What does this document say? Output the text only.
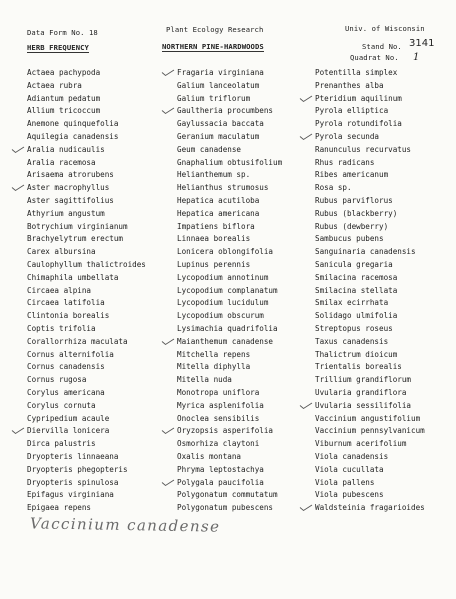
Data Form No. 18	Plant Ecology Research	Univ. of Wisconsin
HERB FREQUENCY	NORTHERN PINE-HARDWOODS	Stand No. 3141
Quadrat No. 1
Actaea pachypoda
Actaea rubra
Adiantum pedatum
Allium tricoccum
Anemone quinquefolia
Aquilegia canadensis
Aralia nudicaulis
Aralia racemosa
Arisaema atrorubens
Aster macrophyllus
Aster sagittifolius
Athyrium angustum
Botrychium virginianum
Brachyelytrum erectum
Carex albursina
Caulophyllum thalictroides
Chimaphila umbellata
Circaea alpina
Circaea latifolia
Clintonia borealis
Coptis trifolia
Corallorrhiza maculata
Cornus alternifolia
Cornus canadensis
Cornus rugosa
Corylus americana
Corylus cornuta
Cypripedium acaule
Diervilla lonicera
Dirca palustris
Dryopteris linnaeana
Dryopteris phegopteris
Dryopteris spinulosa
Epifagus virginiana
Epigaea repens
Fragaria virginiana
Galium lanceolatum
Galium triflorum
Gaultheria procumbens
Gaylussacia baccata
Geranium maculatum
Geum canadense
Gnaphalium obtusifolium
Helianthemum sp.
Helianthus strumosus
Hepatica acutiloba
Hepatica americana
Impatiens biflora
Linnaea borealis
Lonicera oblongifolia
Lupinus perennis
Lycopodium annotinum
Lycopodium complanatum
Lycopodium lucidulum
Lycopodium obscurum
Lysimachia quadrifolia
Maianthemum canadense
Mitchella repens
Mitella diphylla
Mitella nuda
Monotropa uniflora
Myrica asplenifolia
Onoclea sensibilis
Oryzopsis asperifolia
Osmorhiza claytoni
Oxalis montana
Phryma leptostachya
Polygala paucifolia
Polygonatum commutatum
Polygonatum pubescens
Potentilla simplex
Prenanthes alba
Pteridium aquilinum
Pyrola elliptica
Pyrola rotundifolia
Pyrola secunda
Ranunculus recurvatus
Rhus radicans
Ribes americanum
Rosa sp.
Rubus parviflorus
Rubus (blackberry)
Rubus (dewberry)
Sambucus pubens
Sanguinaria canadensis
Sanicula gregaria
Smilacina racemosa
Smilacina stellata
Smilax ecirrhata
Solidago ulmifolia
Streptopus roseus
Taxus canadensis
Thalictrum dioicum
Trientalis borealis
Trillium grandiflorum
Uvularia grandiflora
Uvularia sessilifolia
Vaccinium angustifolium
Vaccinium pennsylvanicum
Viburnum acerifolium
Viola canadensis
Viola cucullata
Viola pallens
Viola pubescens
Waldsteinia fragarioides
Vaccinium canadense
